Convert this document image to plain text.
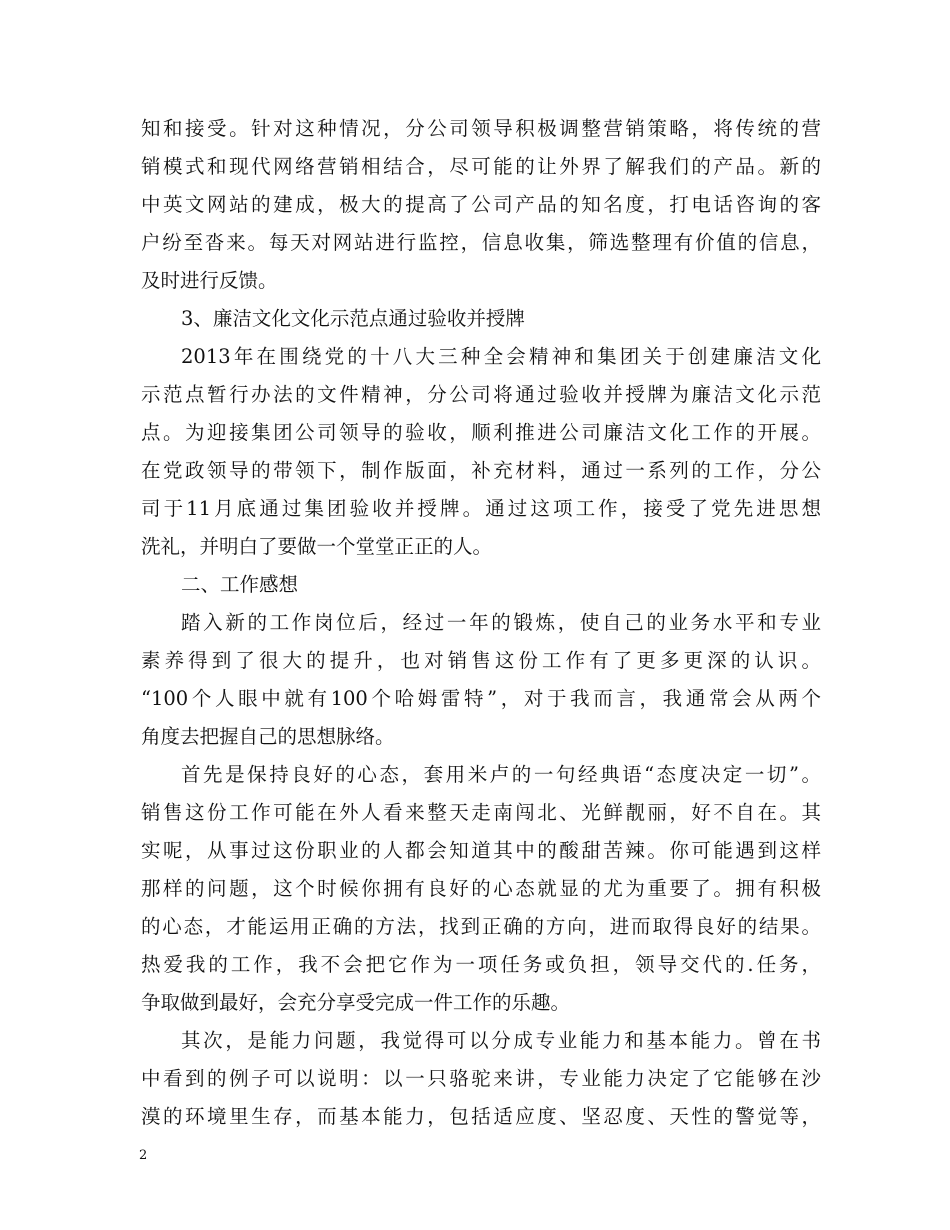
知和接受。针对这种情况，分公司领导积极调整营销策略，将传统的营
销模式和现代网络营销相结合，尽可能的让外界了解我们的产品。新的
中英文网站的建成，极大的提高了公司产品的知名度，打电话咨询的客
户纷至沓来。每天对网站进行监控，信息收集，筛选整理有价值的信息，
及时进行反馈。
3、廉洁文化文化示范点通过验收并授牌
2013年在围绕党的十八大三种全会精神和集团关于创建廉洁文化
示范点暂行办法的文件精神，分公司将通过验收并授牌为廉洁文化示范
点。为迎接集团公司领导的验收，顺利推进公司廉洁文化工作的开展。
在党政领导的带领下，制作版面，补充材料，通过一系列的工作，分公
司于11月底通过集团验收并授牌。通过这项工作，接受了党先进思想
洗礼，并明白了要做一个堂堂正正的人。
二、工作感想
踏入新的工作岗位后，经过一年的锻炼，使自己的业务水平和专业
素养得到了很大的提升，也对销售这份工作有了更多更深的认识。
“100个人眼中就有100个哈姆雷特”，对于我而言，我通常会从两个
角度去把握自己的思想脉络。
首先是保持良好的心态，套用米卢的一句经典语“态度决定一切”。
销售这份工作可能在外人看来整天走南闯北、光鲜靓丽，好不自在。其
实呢，从事过这份职业的人都会知道其中的酸甜苦辣。你可能遇到这样
那样的问题，这个时候你拥有良好的心态就显的尤为重要了。拥有积极
的心态，才能运用正确的方法，找到正确的方向，进而取得良好的结果。
热爱我的工作，我不会把它作为一项任务或负担，领导交代的.任务，
争取做到最好，会充分享受完成一件工作的乐趣。
其次，是能力问题，我觉得可以分成专业能力和基本能力。曾在书
中看到的例子可以说明：以一只骆驼来讲，专业能力决定了它能够在沙
漠的环境里生存，而基本能力，包括适应度、坚忍度、天性的警觉等，
2
